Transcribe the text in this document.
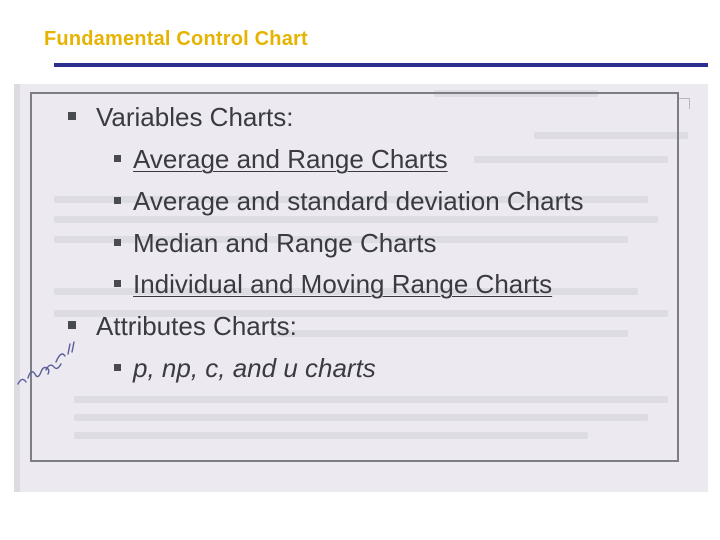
Fundamental Control Chart
Variables Charts:
Average and Range Charts
Average and standard deviation Charts
Median and Range Charts
Individual and Moving Range Charts
Attributes Charts:
p, np, c, and u charts
